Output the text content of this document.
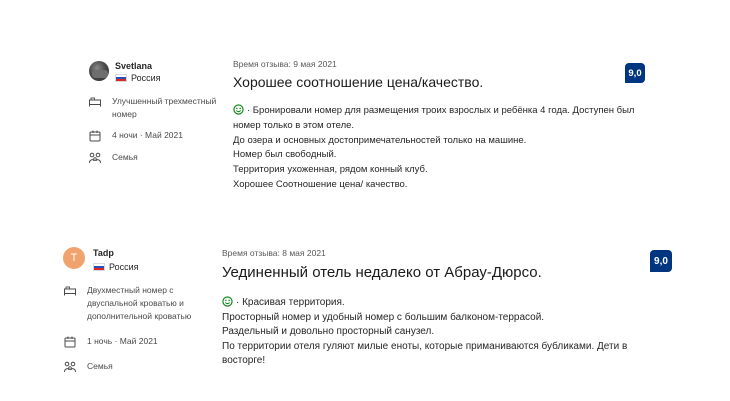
Svetlana
Россия
Улучшенный трехместный номер
4 ночи · Май 2021
Семья
Время отзыва: 9 мая 2021
Хорошее соотношение цена/качество.
· Бронировали номер для размещения троих взрослых и ребёнка 4 года. Доступен был номер только в этом отеле.
До озера и основных достопримечательностей только на машине.
Номер был свободный.
Территория ухоженная, рядом конный клуб.
Хорошее Соотношение цена/ качество.
9,0
T Tadp
Россия
Двухместный номер с двуспальной кроватью и дополнительной кроватью
1 ночь · Май 2021
Семья
Время отзыва: 8 мая 2021
Уединенный отель недалеко от Абрау-Дюрсо.
· Красивая территория.
Просторный номер и удобный номер с большим балконом-террасой.
Раздельный и довольно просторный санузел.
По территории отеля гуляют милые еноты, которые приманиваются бубликами. Дети в восторге!
9,0
